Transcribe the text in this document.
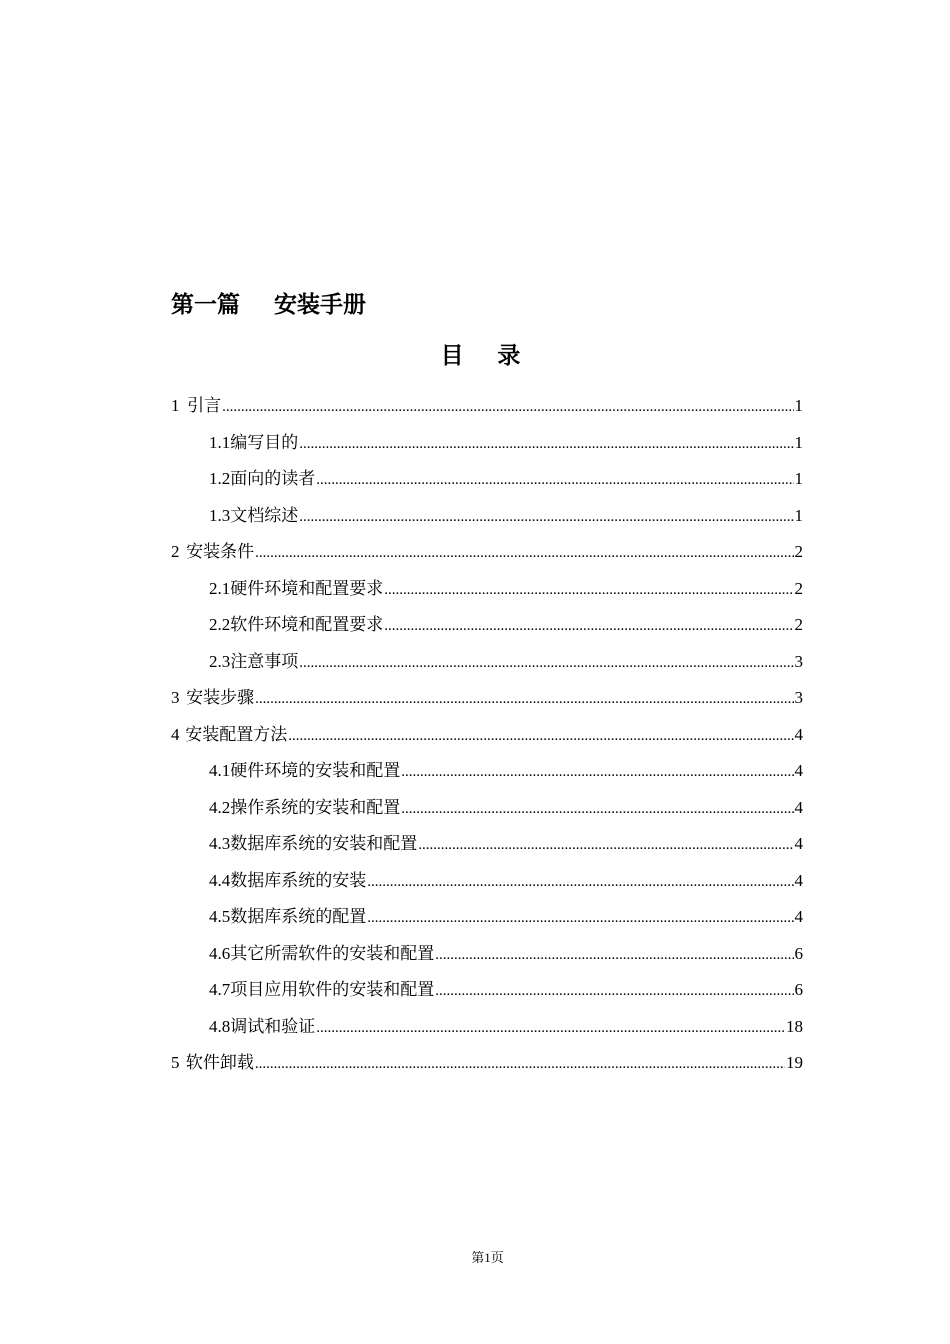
第一篇 安装手册
目 录
1 引言 .....	1
1.1 编写目的 .....	1
1.2 面向的读者 .....	1
1.3 文档综述 .....	1
2 安装条件 .....	2
2.1 硬件环境和配置要求 .....	2
2.2 软件环境和配置要求 .....	2
2.3 注意事项 .....	3
3 安装步骤 .....	3
4 安装配置方法 .....	4
4.1 硬件环境的安装和配置 .....	4
4.2 操作系统的安装和配置 .....	4
4.3 数据库系统的安装和配置 .....	4
4.4 数据库系统的安装 .....	4
4.5 数据库系统的配置 .....	4
4.6 其它所需软件的安装和配置 .....	6
4.7 项目应用软件的安装和配置 .....	6
4.8 调试和验证 .....	18
5 软件卸载 .....	19
第1页
